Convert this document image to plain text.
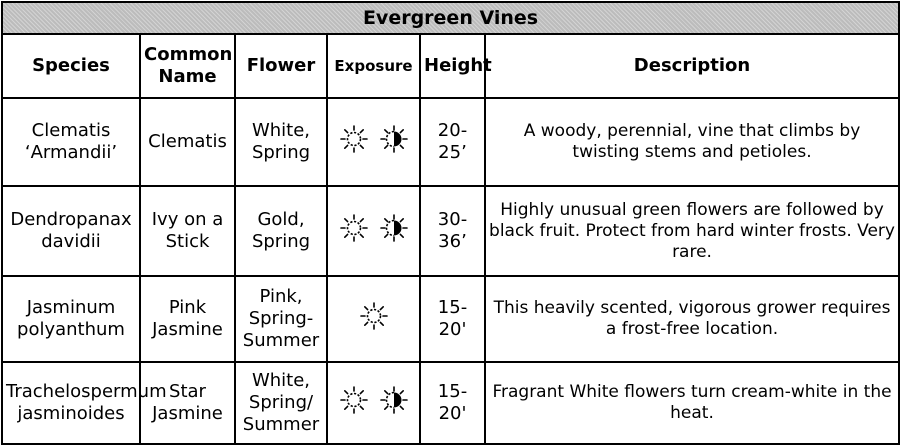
Evergreen Vines					
Species	Common Name	Flower	Exposure	Height	Description
Clematis ‘Armandii’	Clematis	White, Spring		20-25’	A woody, perennial, vine that climbs by twisting stems and petioles.
Dendropanax davidii	Ivy on a Stick	Gold, Spring		30-36’	Highly unusual green flowers are followed by black fruit. Protect from hard winter frosts. Very rare.
Jasminum polyanthum	Pink Jasmine	Pink, Spring-Summer		15-20'	This heavily scented, vigorous grower requires a frost-free location.
Trachelospermum jasminoides	Star Jasmine	White, Spring/ Summer		15-20'	Fragrant White flowers turn cream-white in the heat.
